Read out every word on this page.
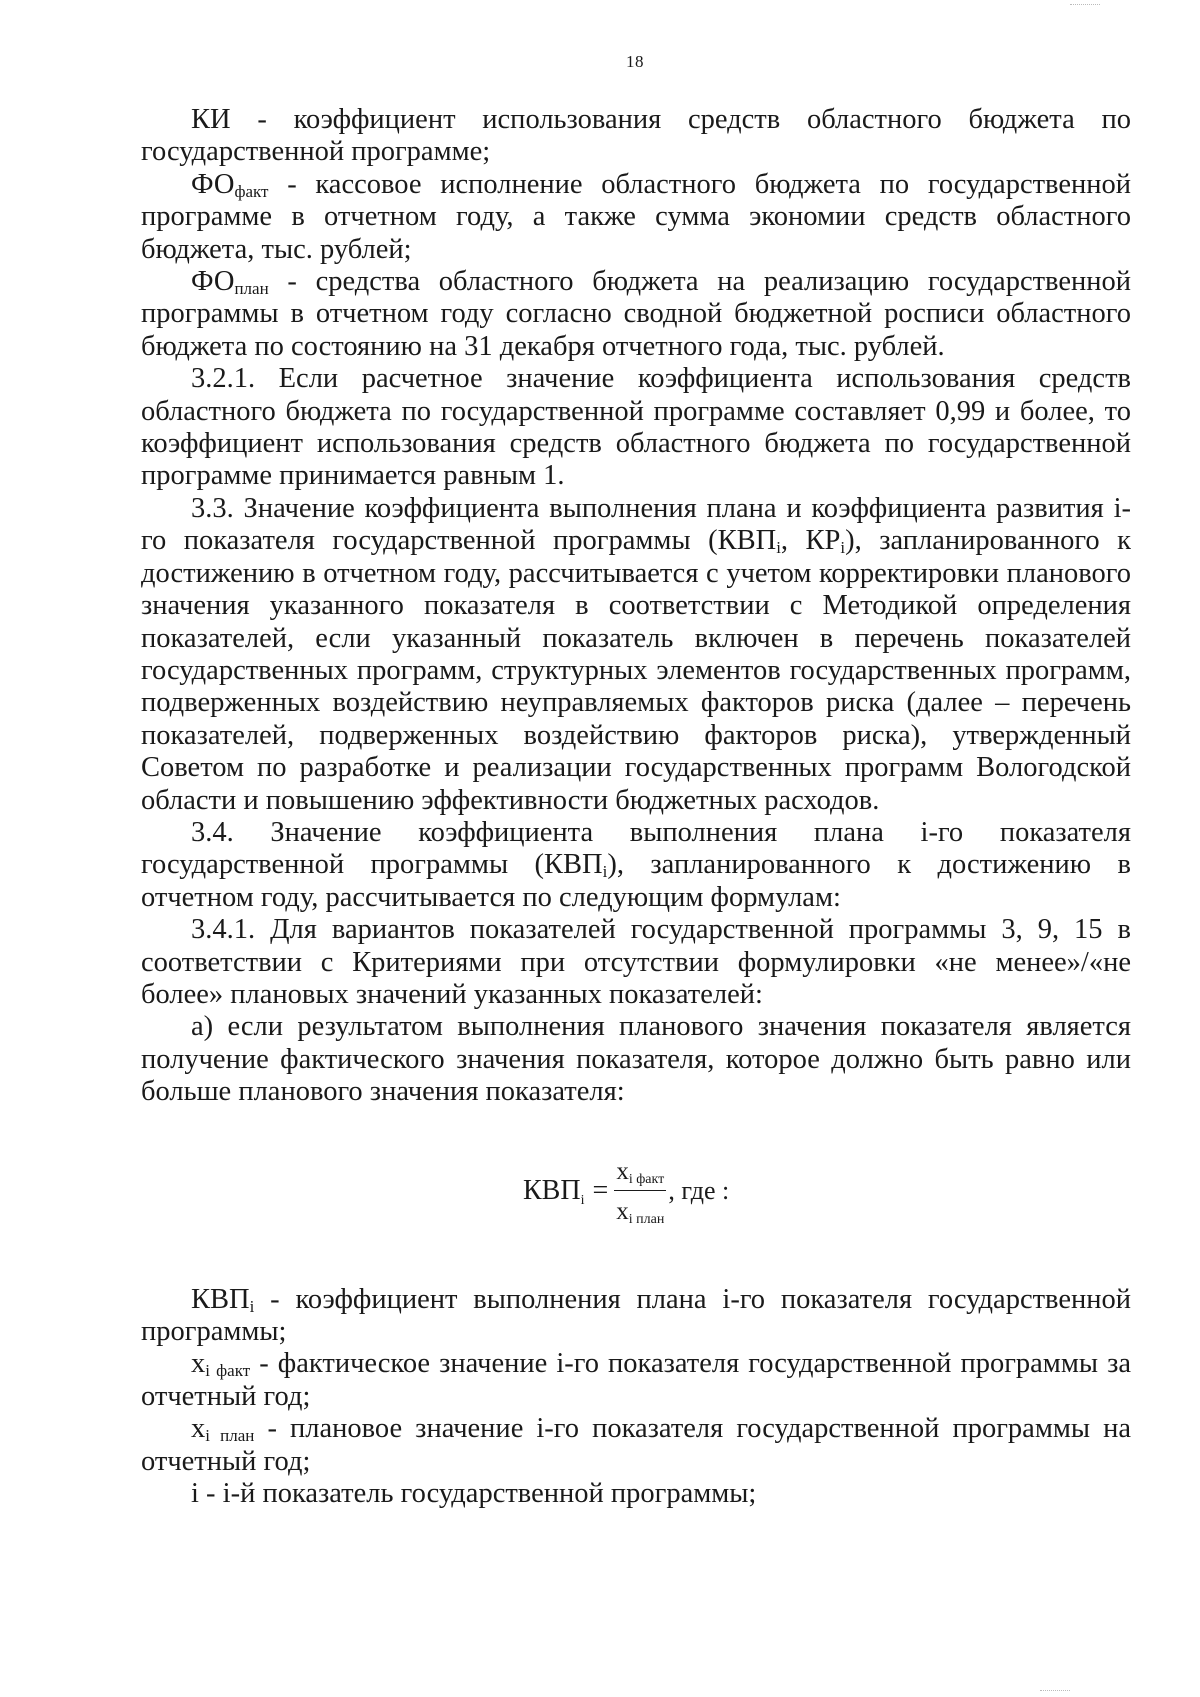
18

КИ - коэффициент использования средств областного бюджета по государственной программе;

$ФО_{факт}$ - кассовое исполнение областного бюджета по государственной программе в отчетном году, а также сумма экономии средств областного бюджета, тыс. рублей;

$ФО_{план}$ - средства областного бюджета на реализацию государственной программы в отчетном году согласно сводной бюджетной росписи областного бюджета по состоянию на 31 декабря отчетного года, тыс. рублей.

3.2.1. Если расчетное значение коэффициента использования средств областного бюджета по государственной программе составляет 0,99 и более, то коэффициент использования средств областного бюджета по государственной программе принимается равным 1.

3.3. Значение коэффициента выполнения плана и коэффициента развития i-го показателя государственной программы ($КВП_i$, $КР_i$), запланированного к достижению в отчетном году, рассчитывается с учетом корректировки планового значения указанного показателя в соответствии с Методикой определения показателей, если указанный показатель включен в перечень показателей государственных программ, структурных элементов государственных программ, подверженных воздействию неуправляемых факторов риска (далее – перечень показателей, подверженных воздействию факторов риска), утвержденный Советом по разработке и реализации государственных программ Вологодской области и повышению эффективности бюджетных расходов.

3.4. Значение коэффициента выполнения плана i-го показателя государственной программы $(КВП_i)$, запланированного к достижению в отчетном году, рассчитывается по следующим формулам:

3.4.1. Для вариантов показателей государственной программы 3, 9, 15 в соответствии с Критериями при отсутствии формулировки «не менее»/«не более» плановых значений указанных показателей:

а) если результатом выполнения планового значения показателя является получение фактического значения показателя, которое должно быть равно или больше планового значения показателя:

$КВП_i = \frac{x_{i факт}}{x_{i план}}$ , где :

$КВП_i$ - коэффициент выполнения плана i-го показателя государственной программы;

$x_{i факт}$ - фактическое значение i-го показателя государственной программы за отчетный год;

$x_{i план}$ - плановое значение i-го показателя государственной программы на отчетный год;

i - i-й показатель государственной программы;
